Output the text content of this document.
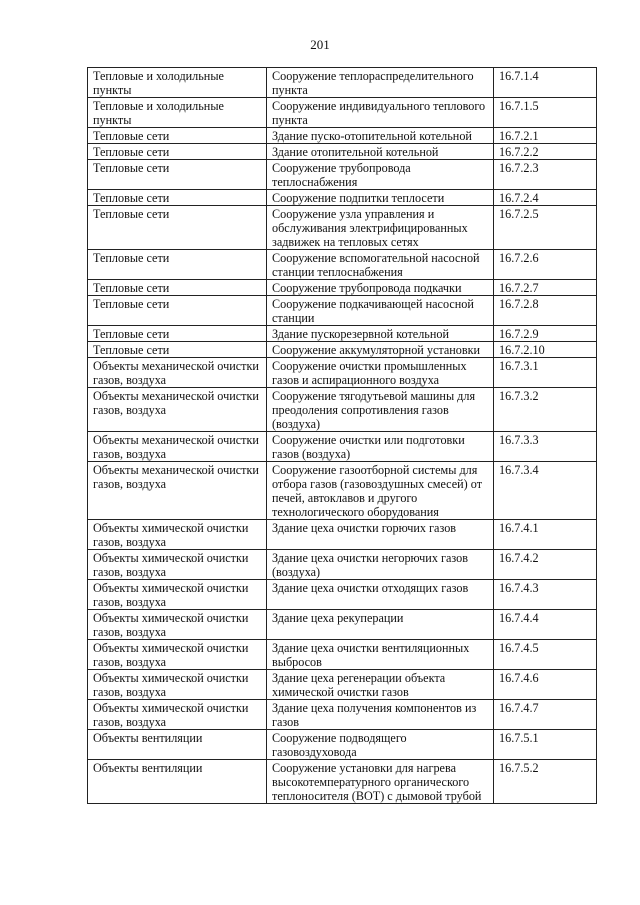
201
Тепловые и холодильные пункты	Сооружение теплораспределительного пункта	16.7.1.4
Тепловые и холодильные пункты	Сооружение индивидуального теплового пункта	16.7.1.5
Тепловые сети	Здание пуско-отопительной котельной	16.7.2.1
Тепловые сети	Здание отопительной котельной	16.7.2.2
Тепловые сети	Сооружение трубопровода теплоснабжения	16.7.2.3
Тепловые сети	Сооружение подпитки теплосети	16.7.2.4
Тепловые сети	Сооружение узла управления и обслуживания электрифицированных задвижек на тепловых сетях	16.7.2.5
Тепловые сети	Сооружение вспомогательной насосной станции теплоснабжения	16.7.2.6
Тепловые сети	Сооружение трубопровода подкачки	16.7.2.7
Тепловые сети	Сооружение подкачивающей насосной станции	16.7.2.8
Тепловые сети	Здание пускорезервной котельной	16.7.2.9
Тепловые сети	Сооружение аккумуляторной установки	16.7.2.10
Объекты механической очистки газов, воздуха	Сооружение очистки промышленных газов и аспирационного воздуха	16.7.3.1
Объекты механической очистки газов, воздуха	Сооружение тягодутьевой машины для преодоления сопротивления газов (воздуха)	16.7.3.2
Объекты механической очистки газов, воздуха	Сооружение очистки или подготовки газов (воздуха)	16.7.3.3
Объекты механической очистки газов, воздуха	Сооружение газоотборной системы для отбора газов (газовоздушных смесей) от печей, автоклавов и другого технологического оборудования	16.7.3.4
Объекты химической очистки газов, воздуха	Здание цеха очистки горючих газов	16.7.4.1
Объекты химической очистки газов, воздуха	Здание цеха очистки негорючих газов (воздуха)	16.7.4.2
Объекты химической очистки газов, воздуха	Здание цеха очистки отходящих газов	16.7.4.3
Объекты химической очистки газов, воздуха	Здание цеха рекуперации	16.7.4.4
Объекты химической очистки газов, воздуха	Здание цеха очистки вентиляционных выбросов	16.7.4.5
Объекты химической очистки газов, воздуха	Здание цеха регенерации объекта химической очистки газов	16.7.4.6
Объекты химической очистки газов, воздуха	Здание цеха получения компонентов из газов	16.7.4.7
Объекты вентиляции	Сооружение подводящего газовоздуховода	16.7.5.1
Объекты вентиляции	Сооружение установки для нагрева высокотемпературного органического теплоносителя (ВОТ) с дымовой трубой	16.7.5.2
